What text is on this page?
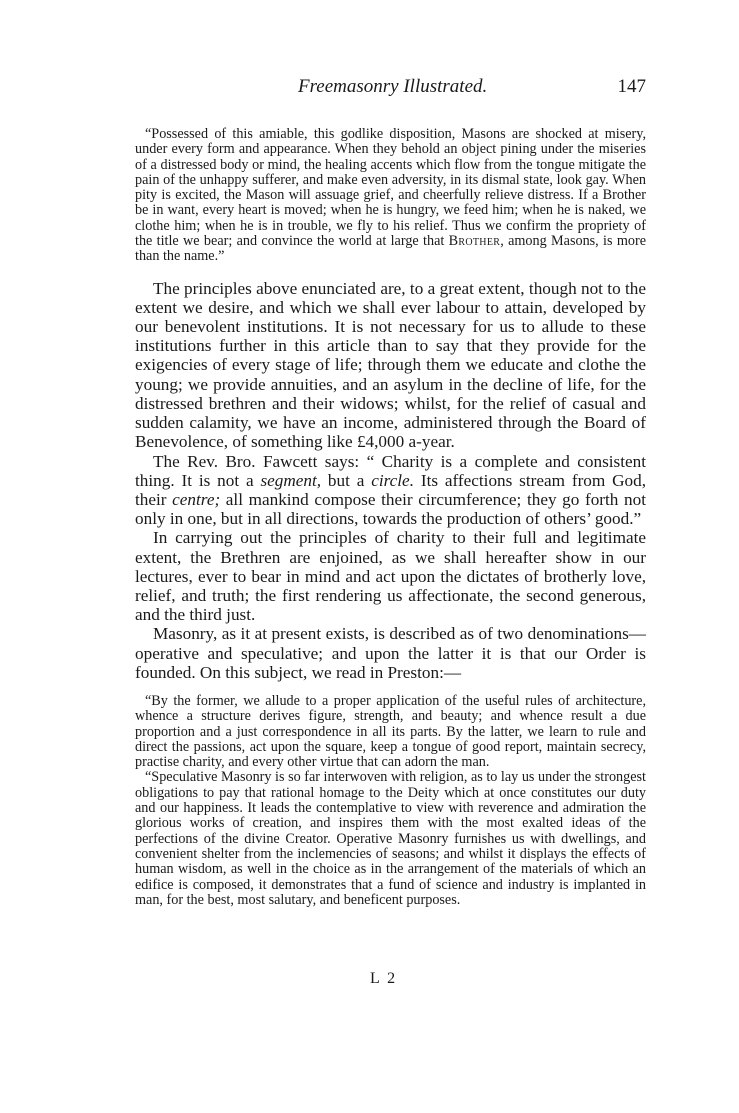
Freemasonry Illustrated.	147

“Possessed of this amiable, this godlike disposition, Masons are shocked at misery, under every form and appearance. When they behold an object pining under the miseries of a distressed body or mind, the healing accents which flow from the tongue mitigate the pain of the unhappy sufferer, and make even adversity, in its dismal state, look gay. When pity is excited, the Mason will assuage grief, and cheerfully relieve distress. If a Brother be in want, every heart is moved; when he is hungry, we feed him; when he is naked, we clothe him; when he is in trouble, we fly to his relief. Thus we confirm the propriety of the title we bear; and convince the world at large that Brother, among Masons, is more than the name.”

The principles above enunciated are, to a great extent, though not to the extent we desire, and which we shall ever labour to attain, developed by our benevolent institutions. It is not necessary for us to allude to these institutions further in this article than to say that they provide for the exigencies of every stage of life; through them we educate and clothe the young; we provide annuities, and an asylum in the decline of life, for the distressed brethren and their widows; whilst, for the relief of casual and sudden calamity, we have an income, administered through the Board of Benevolence, of something like £4,000 a-year.

The Rev. Bro. Fawcett says: “ Charity is a complete and consistent thing. It is not a segment, but a circle. Its affections stream from God, their centre; all mankind compose their circumference; they go forth not only in one, but in all directions, towards the production of others’ good.”

In carrying out the principles of charity to their full and legitimate extent, the Brethren are enjoined, as we shall hereafter show in our lectures, ever to bear in mind and act upon the dictates of brotherly love, relief, and truth; the first rendering us affectionate, the second generous, and the third just.

Masonry, as it at present exists, is described as of two denominations—operative and speculative; and upon the latter it is that our Order is founded. On this subject, we read in Preston:—

“By the former, we allude to a proper application of the useful rules of architecture, whence a structure derives figure, strength, and beauty; and whence result a due proportion and a just correspondence in all its parts. By the latter, we learn to rule and direct the passions, act upon the square, keep a tongue of good report, maintain secrecy, practise charity, and every other virtue that can adorn the man.

“Speculative Masonry is so far interwoven with religion, as to lay us under the strongest obligations to pay that rational homage to the Deity which at once constitutes our duty and our happiness. It leads the contemplative to view with reverence and admiration the glorious works of creation, and inspires them with the most exalted ideas of the perfections of the divine Creator. Operative Masonry furnishes us with dwellings, and convenient shelter from the inclemencies of seasons; and whilst it displays the effects of human wisdom, as well in the choice as in the arrangement of the materials of which an edifice is composed, it demonstrates that a fund of science and industry is implanted in man, for the best, most salutary, and beneficent purposes.

L 2
